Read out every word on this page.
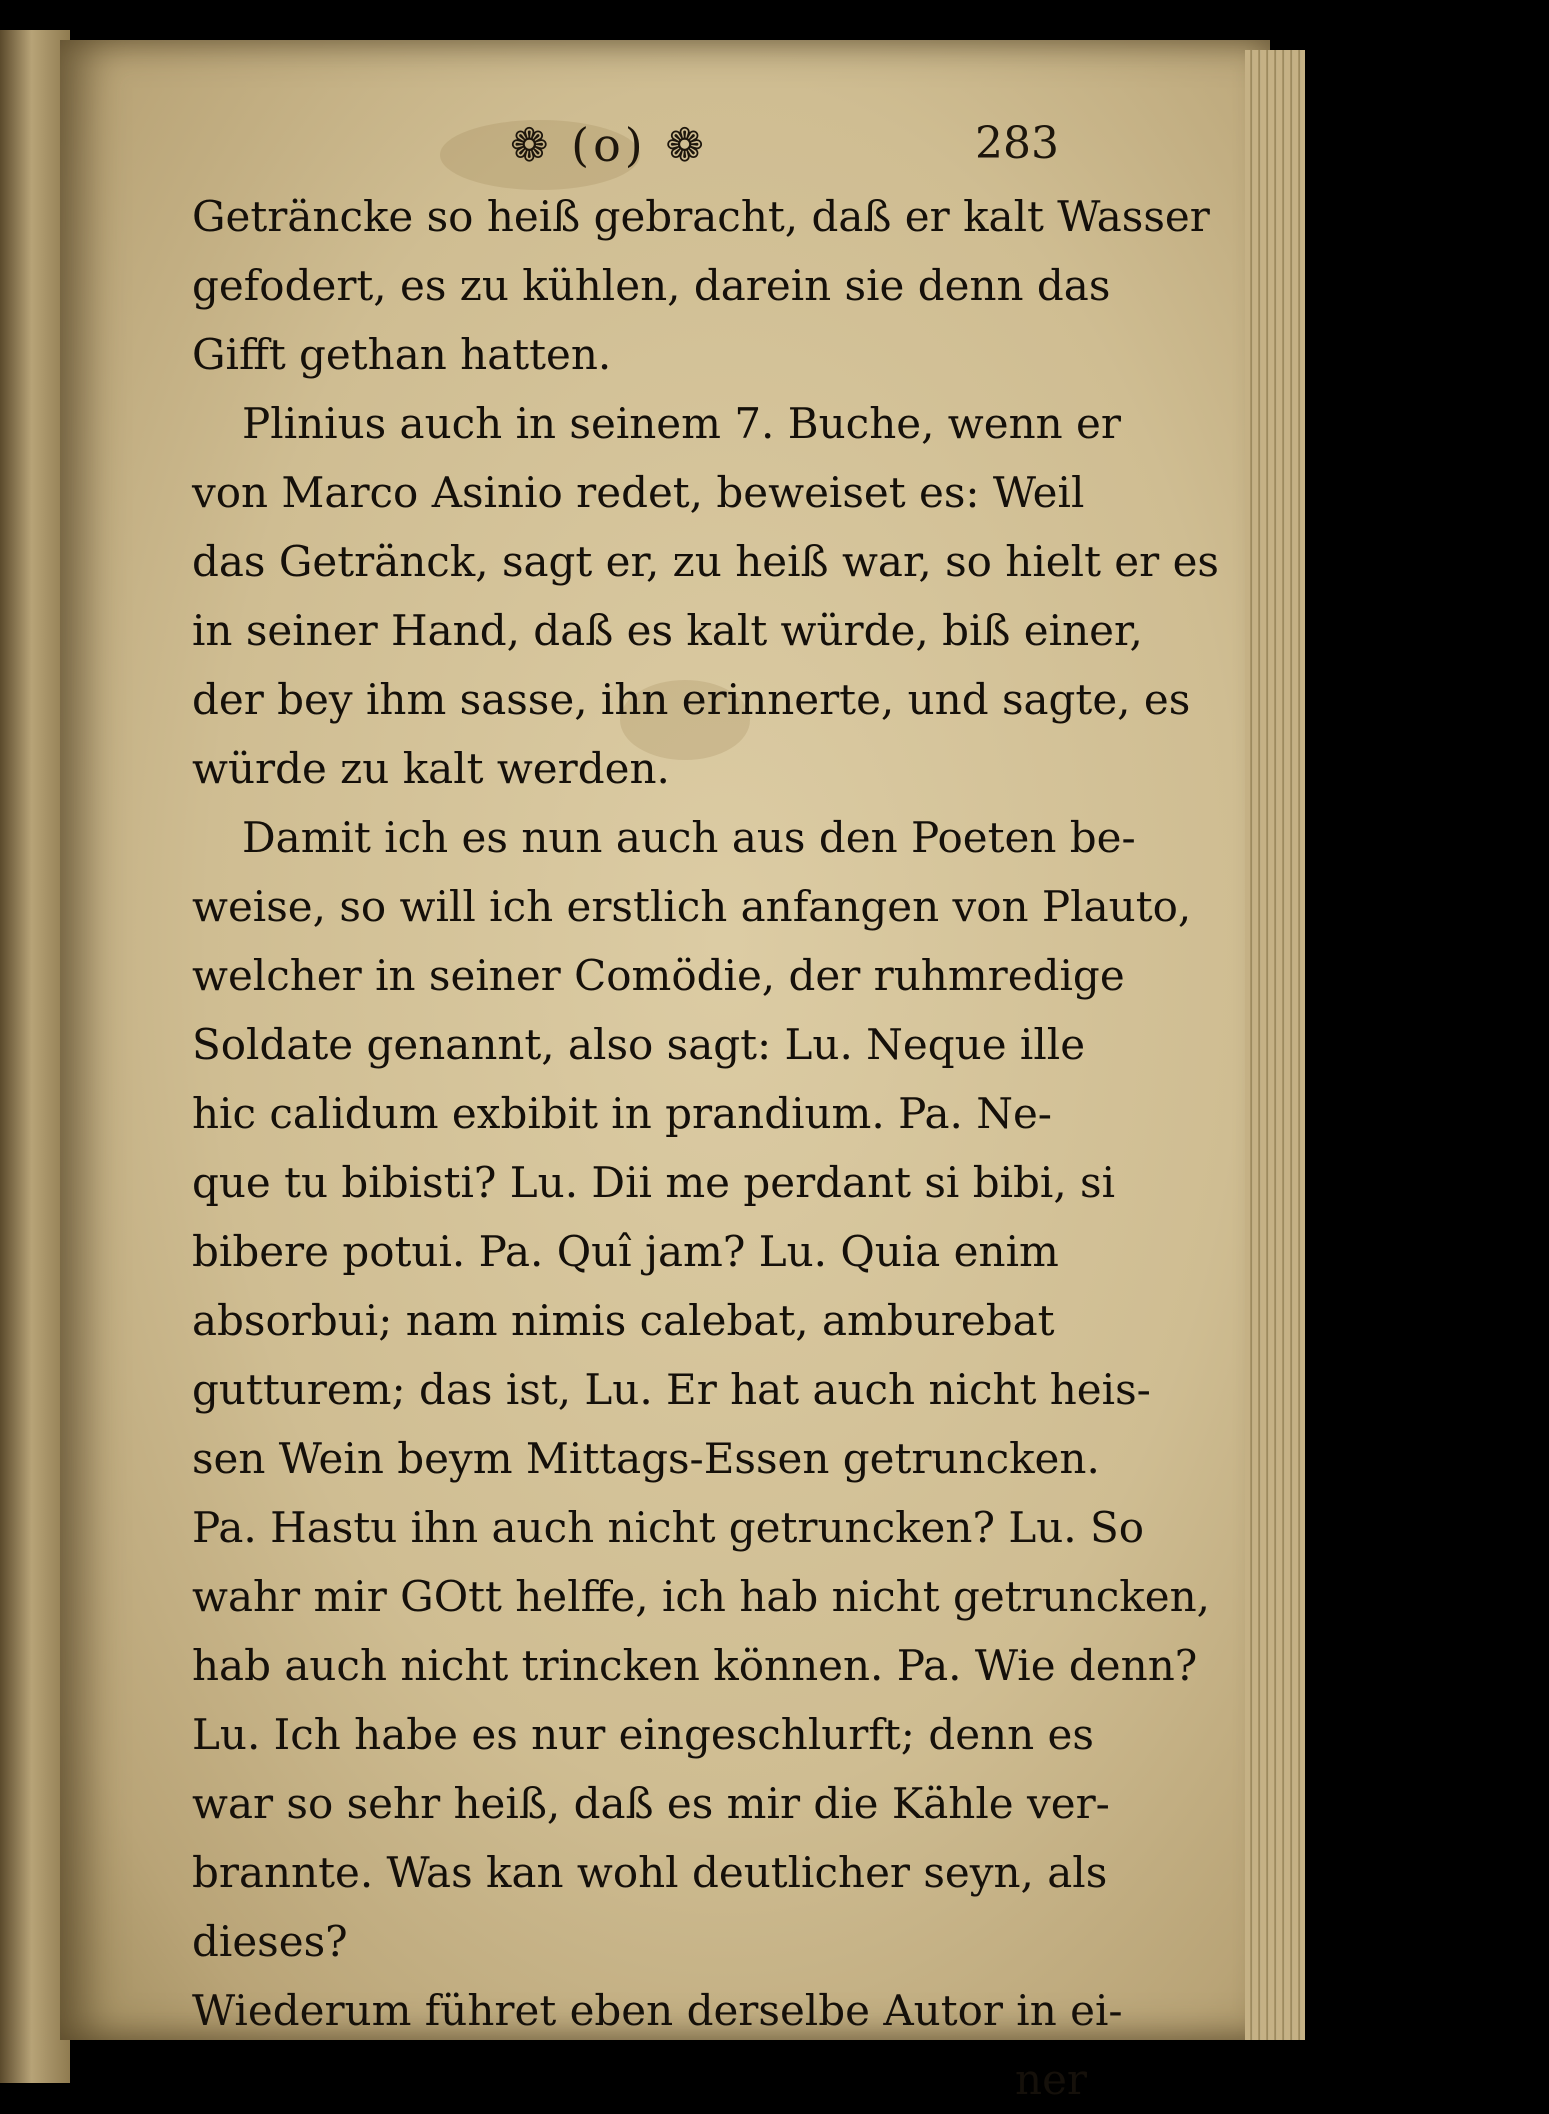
❁ (o) ❁	283
Geträncke so heiß gebracht, daß er kalt Wasser
gefodert, es zu kühlen, darein sie denn das
Gifft gethan hatten.
Plinius auch in seinem 7. Buche, wenn er
von Marco Asinio redet, beweiset es: Weil
das Getränck, sagt er, zu heiß war, so hielt er es
in seiner Hand, daß es kalt würde, biß einer,
der bey ihm sasse, ihn erinnerte, und sagte, es
würde zu kalt werden.
Damit ich es nun auch aus den Poeten be-
weise, so will ich erstlich anfangen von Plauto,
welcher in seiner Comödie, der ruhmredige
Soldate genannt, also sagt: Lu. Neque ille
hic calidum exbibit in prandium. Pa. Ne-
que tu bibisti? Lu. Dii me perdant si bibi, si
bibere potui. Pa. Quî jam? Lu. Quia enim
absorbui; nam nimis calebat, amburebat
gutturem; das ist, Lu. Er hat auch nicht heis-
sen Wein beym Mittags-Essen getruncken.
Pa. Hastu ihn auch nicht getruncken? Lu. So
wahr mir GOtt helffe, ich hab nicht getruncken,
hab auch nicht trincken können. Pa. Wie denn?
Lu. Ich habe es nur eingeschlurft; denn es
war so sehr heiß, daß es mir die Kähle ver-
brannte. Was kan wohl deutlicher seyn, als
dieses?
Wiederum führet eben derselbe Autor in ei-
ner
